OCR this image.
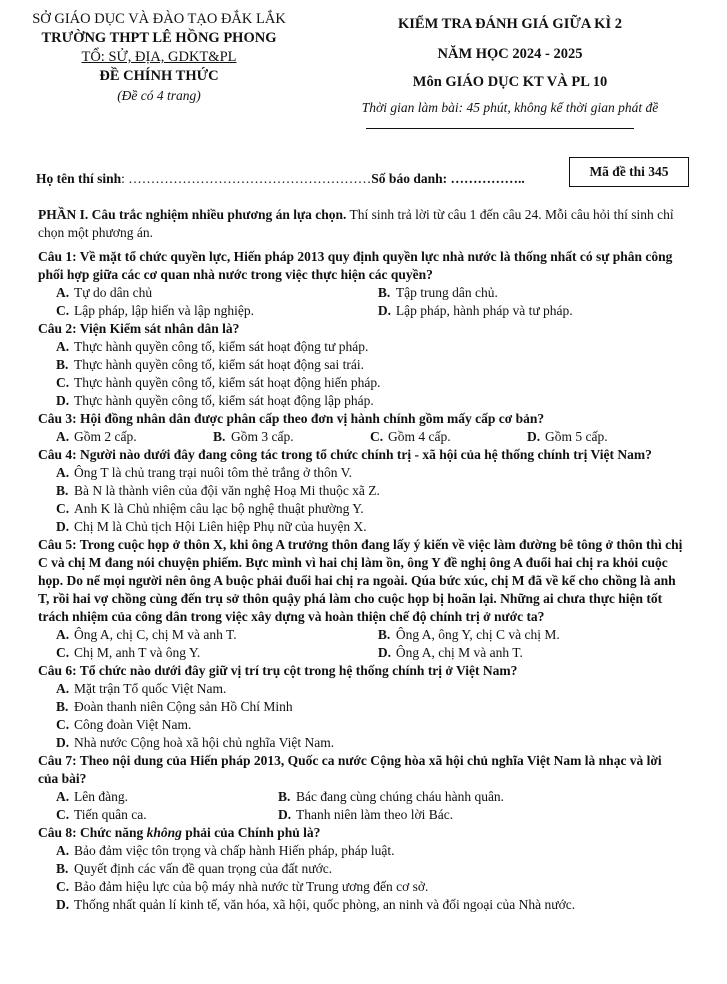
SỞ GIÁO DỤC VÀ ĐÀO TẠO ĐẮK LẮK
TRƯỜNG THPT LÊ HỒNG PHONG
TỔ: SỬ, ĐỊA, GDKT&PL
ĐỀ CHÍNH THỨC
(Đề có 4 trang)
KIỂM TRA ĐÁNH GIÁ GIỮA KÌ 2
NĂM HỌC 2024 - 2025
Môn GIÁO DỤC KT VÀ PL 10
Thời gian làm bài: 45 phút, không kể thời gian phát đề
Họ tên thí sinh: ………………………………………………Số báo danh: ……………..	Mã đề thi 345
PHẦN I. Câu trắc nghiệm nhiều phương án lựa chọn. Thí sinh trả lời từ câu 1 đến câu 24. Mỗi câu hỏi thí sinh chỉ chọn một phương án.
Câu 1: Về mặt tổ chức quyền lực, Hiến pháp 2013 quy định quyền lực nhà nước là thống nhất có sự phân công phối hợp giữa các cơ quan nhà nước trong việc thực hiện các quyền?
A. Tự do dân chủ	B. Tập trung dân chủ.
C. Lập pháp, lập hiến và lập nghiệp.	D. Lập pháp, hành pháp và tư pháp.
Câu 2: Viện Kiểm sát nhân dân là?
A. Thực hành quyền công tố, kiểm sát hoạt động tư pháp.
B. Thực hành quyền công tố, kiểm sát hoạt động sai trái.
C. Thực hành quyền công tố, kiểm sát hoạt động hiến pháp.
D. Thực hành quyền công tố, kiểm sát hoạt động lập pháp.
Câu 3: Hội đồng nhân dân được phân cấp theo đơn vị hành chính gồm mấy cấp cơ bản?
A. Gồm 2 cấp.	B. Gồm 3 cấp.	C. Gồm 4 cấp.	D. Gồm 5 cấp.
Câu 4: Người nào dưới đây đang công tác trong tổ chức chính trị - xã hội của hệ thống chính trị Việt Nam?
A. Ông T là chủ trang trại nuôi tôm thẻ trắng ở thôn V.
B. Bà N là thành viên của đội văn nghệ Hoạ Mi thuộc xã Z.
C. Anh K là Chủ nhiệm câu lạc bộ nghệ thuật phường Y.
D. Chị M là Chủ tịch Hội Liên hiệp Phụ nữ của huyện X.
Câu 5: Trong cuộc họp ở thôn X, khi ông A trưởng thôn đang lấy ý kiến về việc làm đường bê tông ở thôn thì chị C và chị M đang nói chuyện phiếm. Bực mình vì hai chị làm ồn, ông Y đề nghị ông A đuổi hai chị ra khỏi cuộc họp. Do nể mọi người nên ông A buộc phải đuổi hai chị ra ngoài. Qúa bức xúc, chị M đã về kể cho chồng là anh T, rồi hai vợ chồng cùng đến trụ sở thôn quậy phá làm cho cuộc họp bị hoãn lại. Những ai chưa thực hiện tốt trách nhiệm của công dân trong việc xây dựng và hoàn thiện chế độ chính trị ở nước ta?
A. Ông A, chị C, chị M và anh T.	B. Ông A, ông Y, chị C và chị M.
C. Chị M, anh T và ông Y.	D. Ông A, chị M và anh T.
Câu 6: Tổ chức nào dưới đây giữ vị trí trụ cột trong hệ thống chính trị ở Việt Nam?
A. Mặt trận Tổ quốc Việt Nam.
B. Đoàn thanh niên Cộng sản Hồ Chí Minh
C. Công đoàn Việt Nam.
D. Nhà nước Cộng hoà xã hội chủ nghĩa Việt Nam.
Câu 7: Theo nội dung của Hiến pháp 2013, Quốc ca nước Cộng hòa xã hội chủ nghĩa Việt Nam là nhạc và lời của bài?
A. Lên đàng.	B. Bác đang cùng chúng cháu hành quân.
C. Tiến quân ca.	D. Thanh niên làm theo lời Bác.
Câu 8: Chức năng không phải của Chính phủ là?
A. Bảo đảm việc tôn trọng và chấp hành Hiến pháp, pháp luật.
B. Quyết định các vấn đề quan trọng của đất nước.
C. Bảo đảm hiệu lực của bộ máy nhà nước từ Trung ương đến cơ sở.
D. Thống nhất quản lí kinh tế, văn hóa, xã hội, quốc phòng, an ninh và đối ngoại của Nhà nước.
